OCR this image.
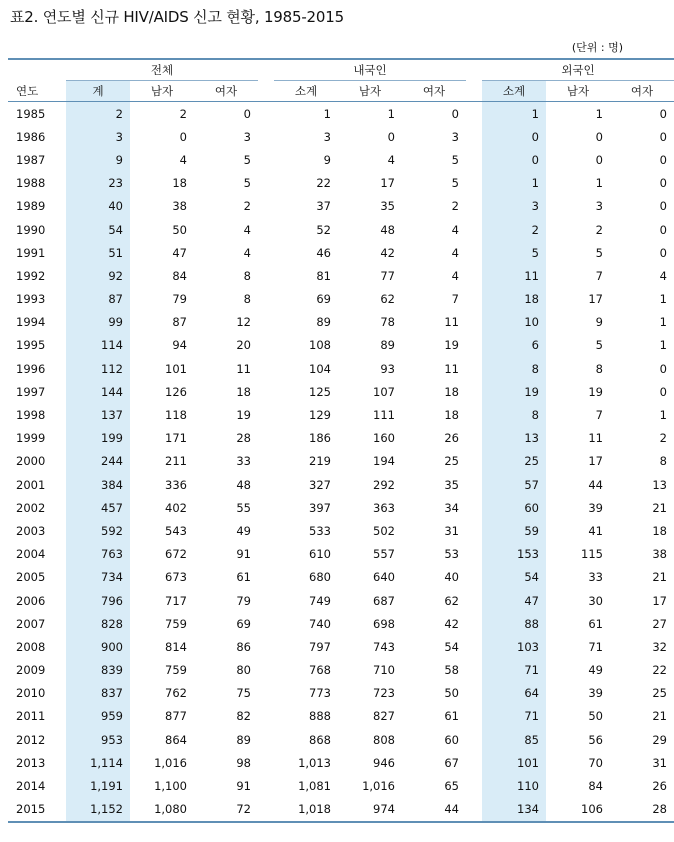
표2. 연도별 신규 HIV/AIDS 신고 현황, 1985-2015
(단위 : 명)
	전체				내국인				외국인		
연도	계	남자	여자		소계	남자	여자		소계	남자	여자
1985	2	2	0		1	1	0		1	1	0
1986	3	0	3		3	0	3		0	0	0
1987	9	4	5		9	4	5		0	0	0
1988	23	18	5		22	17	5		1	1	0
1989	40	38	2		37	35	2		3	3	0
1990	54	50	4		52	48	4		2	2	0
1991	51	47	4		46	42	4		5	5	0
1992	92	84	8		81	77	4		11	7	4
1993	87	79	8		69	62	7		18	17	1
1994	99	87	12		89	78	11		10	9	1
1995	114	94	20		108	89	19		6	5	1
1996	112	101	11		104	93	11		8	8	0
1997	144	126	18		125	107	18		19	19	0
1998	137	118	19		129	111	18		8	7	1
1999	199	171	28		186	160	26		13	11	2
2000	244	211	33		219	194	25		25	17	8
2001	384	336	48		327	292	35		57	44	13
2002	457	402	55		397	363	34		60	39	21
2003	592	543	49		533	502	31		59	41	18
2004	763	672	91		610	557	53		153	115	38
2005	734	673	61		680	640	40		54	33	21
2006	796	717	79		749	687	62		47	30	17
2007	828	759	69		740	698	42		88	61	27
2008	900	814	86		797	743	54		103	71	32
2009	839	759	80		768	710	58		71	49	22
2010	837	762	75		773	723	50		64	39	25
2011	959	877	82		888	827	61		71	50	21
2012	953	864	89		868	808	60		85	56	29
2013	1,114	1,016	98		1,013	946	67		101	70	31
2014	1,191	1,100	91		1,081	1,016	65		110	84	26
2015	1,152	1,080	72		1,018	974	44		134	106	28
